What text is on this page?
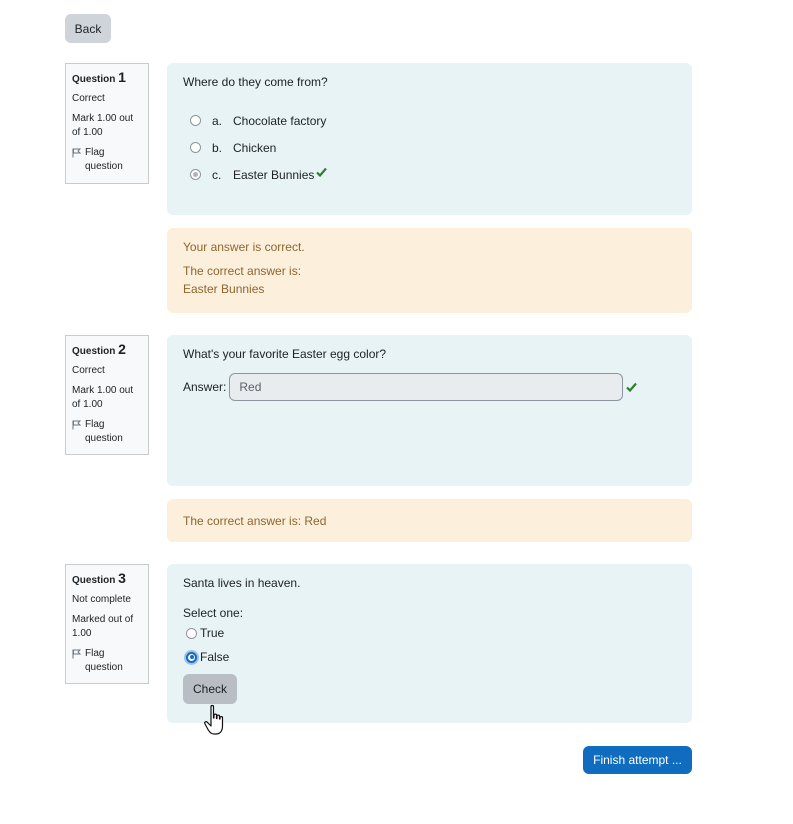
Back
Question 1
Correct
Mark 1.00 out of 1.00
Flag question
Where do they come from?
a. Chocolate factory
b. Chicken
c. Easter Bunnies
Your answer is correct.
The correct answer is:
Easter Bunnies
Question 2
Correct
Mark 1.00 out of 1.00
Flag question
What's your favorite Easter egg color?
Answer:	Red
The correct answer is: Red
Question 3
Not complete
Marked out of 1.00
Flag question
Santa lives in heaven.
Select one:
True
False
Check
Finish attempt ...
